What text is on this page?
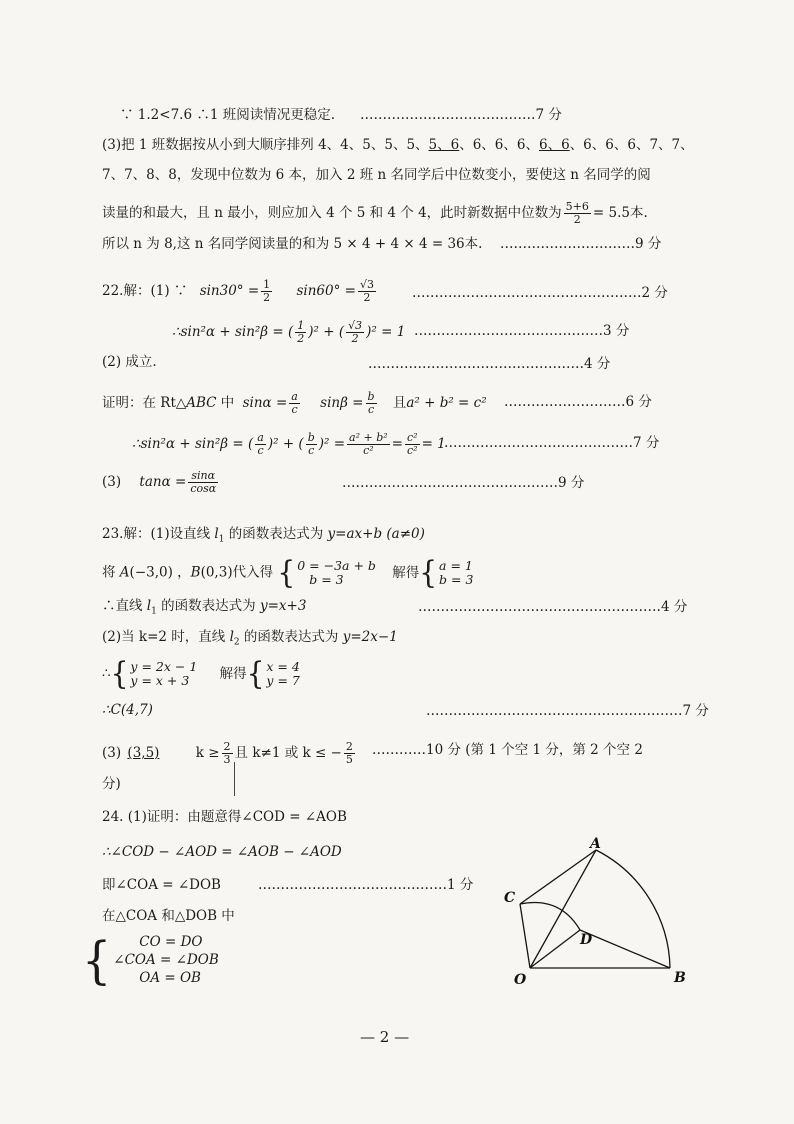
∵ 1.2<7.6 ∴1 班阅读情况更稳定. …………………………………7 分
(3)把 1 班数据按从小到大顺序排列 4、4、5、5、5、5、6、6、6、6、6、6、6、6、6、7、7、
7、7、8、8，发现中位数为 6 本，加入 2 班 n 名同学后中位数变小，要使这 n 名同学的阅
读量的和最大，且 n 最小，则应加入 4 个 5 和 4 个 4，此时新数据中位数为 $\frac{5+6}{2} = 5.5$本.
所以 n 为 8,这 n 名同学阅读量的和为 5 × 4 + 4 × 4 = 36本. …………………………9 分
22.解：(1) ∵ $\sin 30^\circ = \frac{1}{2} \sin 60^\circ = \frac{√3}{2}$	……………………………………………2 分
∴sin²α + sin²β = ( $\frac{1}{2} )^2$ + ( $\frac{√3}{2} )^2 = 1$ ……………………………………3 分
(2) 成立.	…………………………………………4 分
证明：在 Rt△ABC 中 $\sin\alpha = \frac{a}{c}$ $\sin\beta = \frac{b}{c}$ 且a² + b² = c² ………………………6 分
∴sin²α + sin²β = ( $\frac{a}{c} )^2$ + ( $\frac{b}{c} )^2 = \frac{\text{a² + b²}}{\text{c²}} = \frac{\text{c²}}{\text{c²}} = 1$
……………………………………7 分
(3) $\tan\alpha = \frac{\sin\alpha}{\cos\alpha}$	…………………………………………9 分
23.解：(1)设直线 $l_1$ 的函数表达式为 y=ax+b (a≠0)
将 A(−3,0) ，B(0,3)代入得 { 0 = −3a + b
b = 3	解得{ a = 1
b = 3
∴直线 $l_1$ 的函数表达式为 y=x+3	………………………………………………4 分
(2)当 k=2 时，直线 $l_2$ 的函数表达式为 y=2x−1
∴{ y = 2x − 1
y = x + 3 解得{ x = 4
y = 7
∴C(4,7)	…………………………………………………7 分
(3) (3,5)	$k \ge \frac{2}{3}$ 且 k≠1 或 k ≤ − $\frac{2}{5}$ …………10 分 (第 1 个空 1 分，第 2 个空 2
分)
24. (1)证明：由题意得∠COD = ∠AOB
∴∠COD − ∠AOD = ∠AOB − ∠AOD
即∠COA = ∠DOB	……………………………………1 分
在△COA 和△DOB 中
{ CO = DO
∠COA = ∠DOB
OA = OB
A
C
D
O	B
— 2 —
